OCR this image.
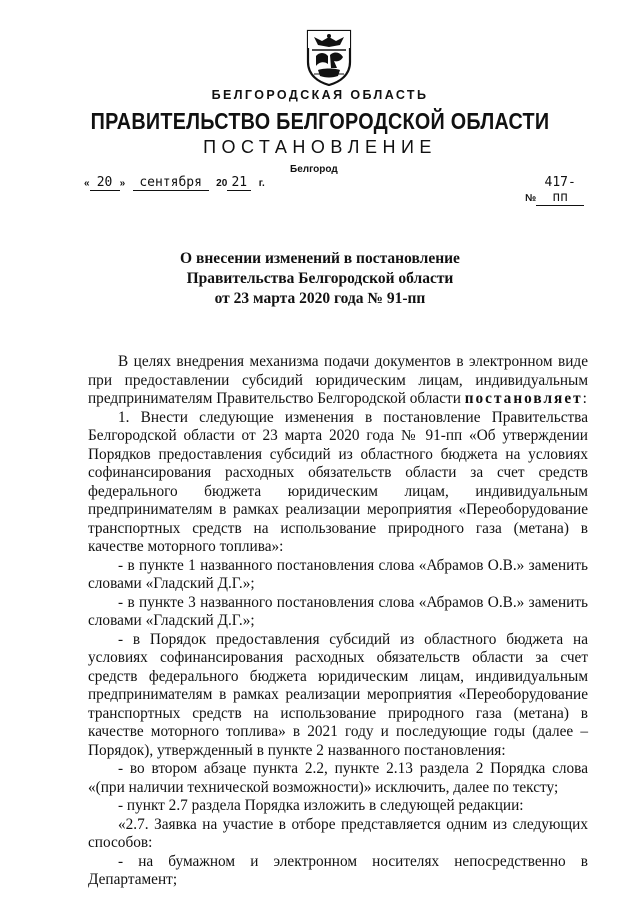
БЕЛГОРОДСКАЯ ОБЛАСТЬ
ПРАВИТЕЛЬСТВО БЕЛГОРОДСКОЙ ОБЛАСТИ
ПОСТАНОВЛЕНИЕ
Белгород
« 20 » сентября 20 21 г.
№417-пп
О внесении изменений в постановление
Правительства Белгородской области
от 23 марта 2020 года № 91-пп

В целях внедрения механизма подачи документов в электронном виде при предоставлении субсидий юридическим лицам, индивидуальным предпринимателям Правительство Белгородской области постановляет:

1. Внести следующие изменения в постановление Правительства Белгородской области от 23 марта 2020 года № 91-пп «Об утверждении Порядков предоставления субсидий из областного бюджета на условиях софинансирования расходных обязательств области за счет средств федерального бюджета юридическим лицам, индивидуальным предпринимателям в рамках реализации мероприятия «Переоборудование транспортных средств на использование природного газа (метана) в качестве моторного топлива»:

- в пункте 1 названного постановления слова «Абрамов О.В.» заменить словами «Гладский Д.Г.»;

- в пункте 3 названного постановления слова «Абрамов О.В.» заменить словами «Гладский Д.Г.»;

- в Порядок предоставления субсидий из областного бюджета на условиях софинансирования расходных обязательств области за счет средств федерального бюджета юридическим лицам, индивидуальным предпринимателям в рамках реализации мероприятия «Переоборудование транспортных средств на использование природного газа (метана) в качестве моторного топлива» в 2021 году и последующие годы (далее – Порядок), утвержденный в пункте 2 названного постановления:

- во втором абзаце пункта 2.2, пункте 2.13 раздела 2 Порядка слова «(при наличии технической возможности)» исключить, далее по тексту;

- пункт 2.7 раздела Порядка изложить в следующей редакции:

«2.7. Заявка на участие в отборе представляется одним из следующих способов:

- на бумажном и электронном носителях непосредственно в Департамент;
